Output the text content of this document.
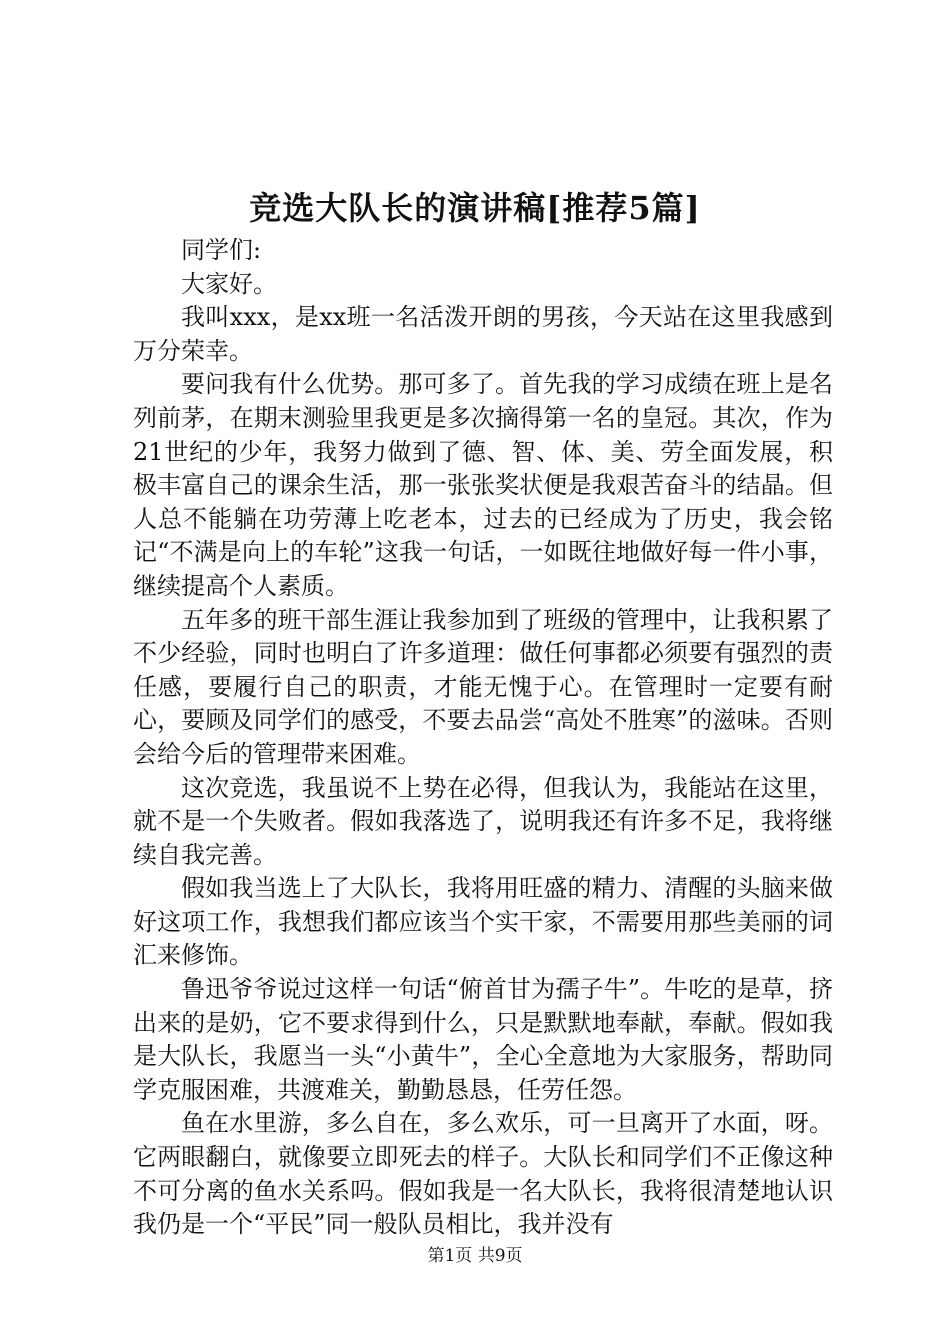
竞选大队长的演讲稿[推荐5篇]

同学们:

大家好。

我叫xxx，是xx班一名活泼开朗的男孩，今天站在这里我感到万分荣幸。

要问我有什么优势。那可多了。首先我的学习成绩在班上是名列前茅，在期末测验里我更是多次摘得第一名的皇冠。其次，作为21世纪的少年，我努力做到了德、智、体、美、劳全面发展，积极丰富自己的课余生活，那一张张奖状便是我艰苦奋斗的结晶。但人总不能躺在功劳薄上吃老本，过去的已经成为了历史，我会铭记“不满是向上的车轮”这我一句话，一如既往地做好每一件小事，继续提高个人素质。

五年多的班干部生涯让我参加到了班级的管理中，让我积累了不少经验，同时也明白了许多道理：做任何事都必须要有强烈的责任感，要履行自己的职责，才能无愧于心。在管理时一定要有耐心，要顾及同学们的感受，不要去品尝“高处不胜寒”的滋味。否则会给今后的管理带来困难。

这次竞选，我虽说不上势在必得，但我认为，我能站在这里，就不是一个失败者。假如我落选了，说明我还有许多不足，我将继续自我完善。

假如我当选上了大队长，我将用旺盛的精力、清醒的头脑来做好这项工作，我想我们都应该当个实干家，不需要用那些美丽的词汇来修饰。

鲁迅爷爷说过这样一句话“俯首甘为孺子牛”。牛吃的是草，挤出来的是奶，它不要求得到什么，只是默默地奉献，奉献。假如我是大队长，我愿当一头“小黄牛”，全心全意地为大家服务，帮助同学克服困难，共渡难关，勤勤恳恳，任劳任怨。

鱼在水里游，多么自在，多么欢乐，可一旦离开了水面，呀。它两眼翻白，就像要立即死去的样子。大队长和同学们不正像这种不可分离的鱼水关系吗。假如我是一名大队长，我将很清楚地认识我仍是一个“平民”同一般队员相比，我并没有

第1页 共9页
